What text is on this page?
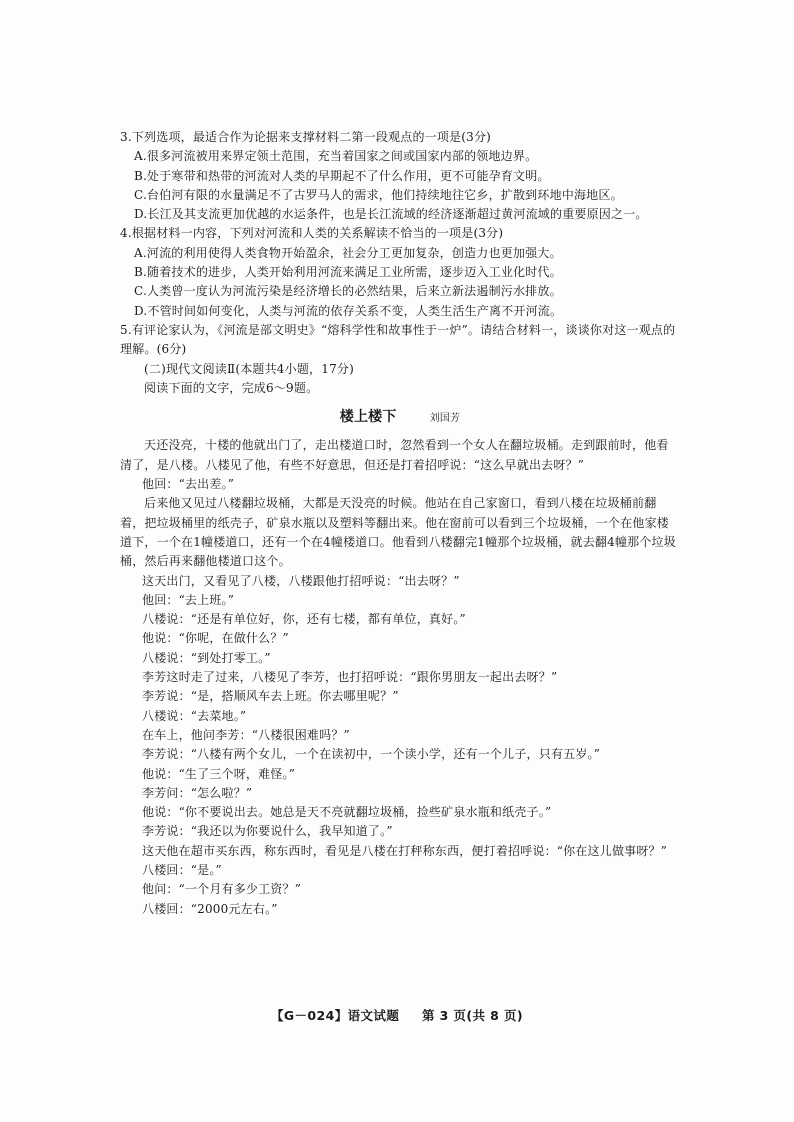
3.下列选项，最适合作为论据来支撑材料二第一段观点的一项是(3分)

A.很多河流被用来界定领土范围，充当着国家之间或国家内部的领地边界。

B.处于寒带和热带的河流对人类的早期起不了什么作用，更不可能孕育文明。

C.台伯河有限的水量满足不了古罗马人的需求，他们持续地往它乡，扩散到环地中海地区。

D.长江及其支流更加优越的水运条件，也是长江流域的经济逐渐超过黄河流域的重要原因之一。

4.根据材料一内容，下列对河流和人类的关系解读不恰当的一项是(3分)

A.河流的利用使得人类食物开始盈余，社会分工更加复杂，创造力也更加强大。

B.随着技术的进步，人类开始利用河流来满足工业所需，逐步迈入工业化时代。

C.人类曾一度认为河流污染是经济增长的必然结果，后来立新法遏制污水排放。

D.不管时间如何变化，人类与河流的依存关系不变，人类生活生产离不开河流。

5.有评论家认为，《河流是部文明史》“熔科学性和故事性于一炉”。请结合材料一，谈谈你对这一观点的

理解。(6分)

(二)现代文阅读Ⅱ(本题共4小题，17分)

阅读下面的文字，完成6～9题。

楼上楼下	刘国芳

天还没亮，十楼的他就出门了，走出楼道口时，忽然看到一个女人在翻垃圾桶。走到跟前时，他看清了，是八楼。八楼见了他，有些不好意思，但还是打着招呼说：“这么早就出去呀？”

他回：“去出差。”

后来他又见过八楼翻垃圾桶，大都是天没亮的时候。他站在自己家窗口，看到八楼在垃圾桶前翻着，把垃圾桶里的纸壳子，矿泉水瓶以及塑料等翻出来。他在窗前可以看到三个垃圾桶，一个在他家楼道下，一个在1幢楼道口，还有一个在4幢楼道口。他看到八楼翻完1幢那个垃圾桶，就去翻4幢那个垃圾桶，然后再来翻他楼道口这个。

这天出门，又看见了八楼，八楼跟他打招呼说：“出去呀？”

他回：“去上班。”

八楼说：“还是有单位好，你，还有七楼，都有单位，真好。”

他说：“你呢，在做什么？”

八楼说：“到处打零工。”

李芳这时走了过来，八楼见了李芳，也打招呼说：“跟你男朋友一起出去呀？”

李芳说：“是，搭顺风车去上班。你去哪里呢？”

八楼说：“去菜地。”

在车上，他问李芳：“八楼很困难吗？”

李芳说：“八楼有两个女儿，一个在读初中，一个读小学，还有一个儿子，只有五岁。”

他说：“生了三个呀，难怪。”

李芳问：“怎么啦？”

他说：“你不要说出去。她总是天不亮就翻垃圾桶，捡些矿泉水瓶和纸壳子。”

李芳说：“我还以为你要说什么，我早知道了。”

这天他在超市买东西，称东西时，看见是八楼在打秤称东西，便打着招呼说：“你在这儿做事呀？”

八楼回：“是。”

他问：“一个月有多少工资？”

八楼回：“2000元左右。”

【G－024】语文试题 第 3 页(共 8 页)
